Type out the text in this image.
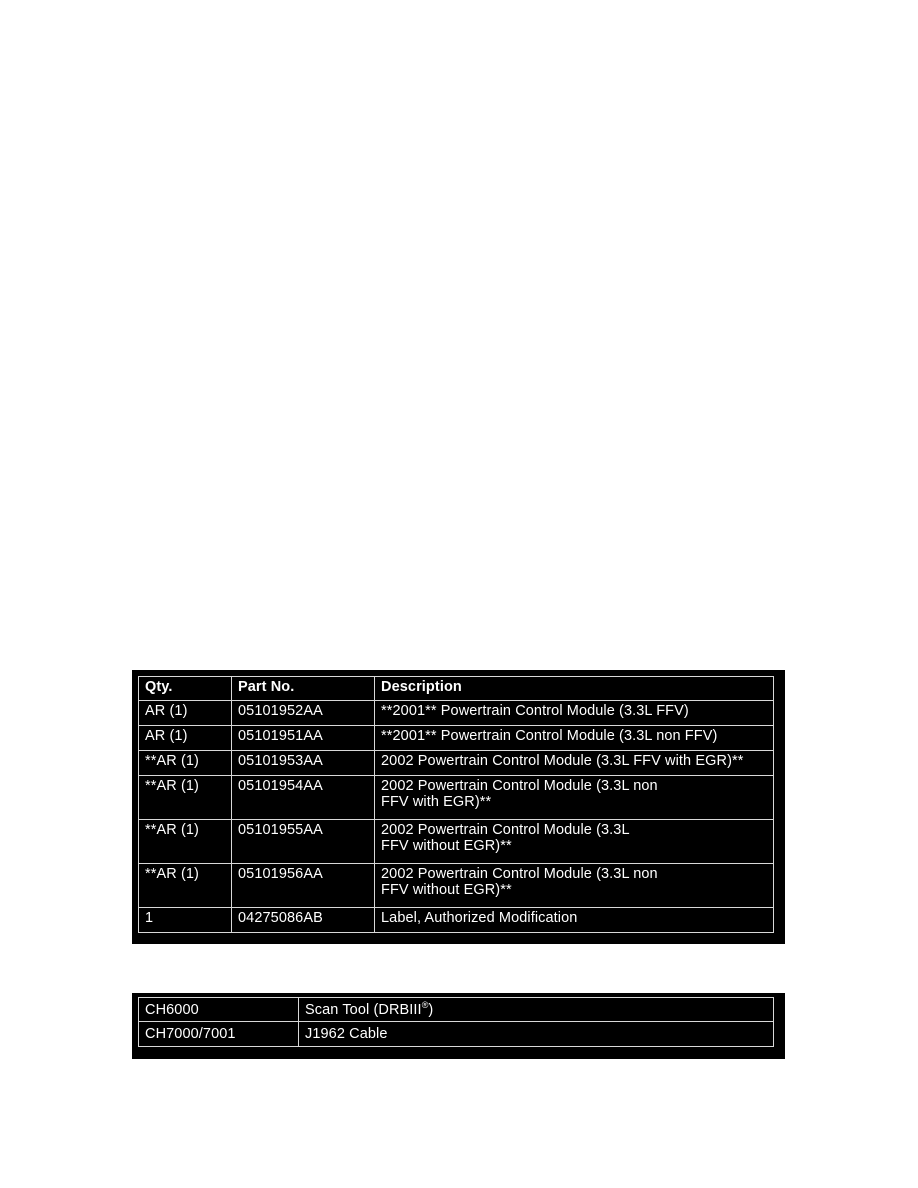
Qty.	Part No.	Description
AR (1)	05101952AA	**2001** Powertrain Control Module (3.3L FFV)
AR (1)	05101951AA	**2001** Powertrain Control Module (3.3L non FFV)
**AR (1)	05101953AA	2002 Powertrain Control Module (3.3L FFV with EGR)**
**AR (1)	05101954AA	2002 Powertrain Control Module (3.3L non
FFV with EGR)**

**AR (1)	05101955AA	2002 Powertrain Control Module (3.3L
FFV without EGR)**

**AR (1)	05101956AA	2002 Powertrain Control Module (3.3L non
FFV without EGR)**

1	04275086AB	Label, Authorized Modification
CH6000	Scan Tool (DRBIII®)
CH7000/7001	J1962 Cable
